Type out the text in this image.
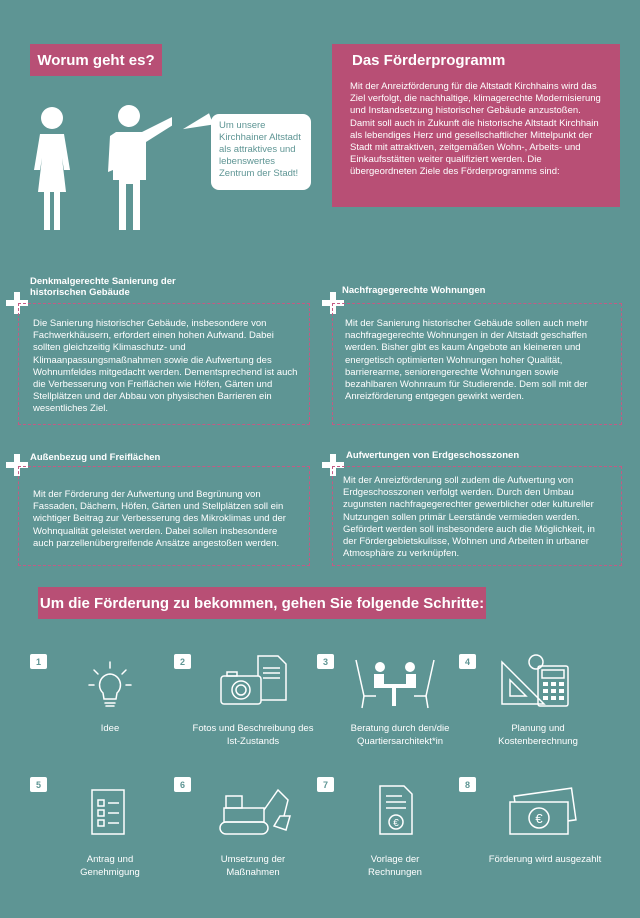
Worum geht es?
Um unsere Kirchhainer Altstadt als attraktives und lebenswertes Zentrum der Stadt!
Das Förderprogramm

Mit der Anreizförderung für die Altstadt Kirchhains wird das Ziel verfolgt, die nachhaltige, klimagerechte Modernisierung und Instandsetzung historischer Gebäude anzustoßen. Damit soll auch in Zukunft die historische Altstadt Kirchhain als lebendiges Herz und gesellschaftlicher Mittelpunkt der Stadt mit attraktiven, zeitgemäßen Wohn-, Arbeits- und Einkaufsstätten weiter qualifiziert werden. Die übergeordneten Ziele des Förderprogramms sind:

Denkmalgerechte Sanierung der historischen Gebäude

Die Sanierung historischer Gebäude, insbesondere von Fachwerkhäusern, erfordert einen hohen Aufwand. Dabei sollten gleichzeitig Klimaschutz- und Klimaanpassungsmaßnahmen sowie die Aufwertung des Wohnumfeldes mitgedacht werden. Dementsprechend ist auch die Verbesserung von Freiflächen wie Höfen, Gärten und Stellplätzen und der Abbau von physischen Barrieren ein wesentliches Ziel.

Nachfragegerechte Wohnungen

Mit der Sanierung historischer Gebäude sollen auch mehr nachfragegerechte Wohnungen in der Altstadt geschaffen werden. Bisher gibt es kaum Angebote an kleineren und energetisch optimierten Wohnungen hoher Qualität, barrierearme, seniorengerechte Wohnungen sowie bezahlbaren Wohnraum für Studierende. Dem soll mit der Anreizförderung entgegen gewirkt werden.

Außenbezug und Freiflächen

Mit der Förderung der Aufwertung und Begrünung von Fassaden, Dächern, Höfen, Gärten und Stellplätzen soll ein wichtiger Beitrag zur Verbesserung des Mikroklimas und der Wohnqualität geleistet werden. Dabei sollen insbesondere auch parzellenübergreifende Ansätze angestoßen werden.

Aufwertungen von Erdgeschosszonen

Mit der Anreizförderung soll zudem die Aufwertung von Erdgeschosszonen verfolgt werden. Durch den Umbau zugunsten nachfragegerechter gewerblicher oder kultureller Nutzungen sollen primär Leerstände vermieden werden. Gefördert werden soll insbesondere auch die Möglichkeit, in der Fördergebietskulisse, Wohnen und Arbeiten in urbaner Atmosphäre zu verknüpfen.

Um die Förderung zu bekommen, gehen Sie folgende Schritte:
1	2	3	4
5	6	7	8
€	€
Idee	Fotos und Beschreibung des Ist-Zustands
Beratung durch den/die Quartiersarchitekt*in
Planung und Kostenberechnung
Antrag und Genehmigung
Umsetzung der Maßnahmen
Vorlage der Rechnungen
Förderung wird ausgezahlt
